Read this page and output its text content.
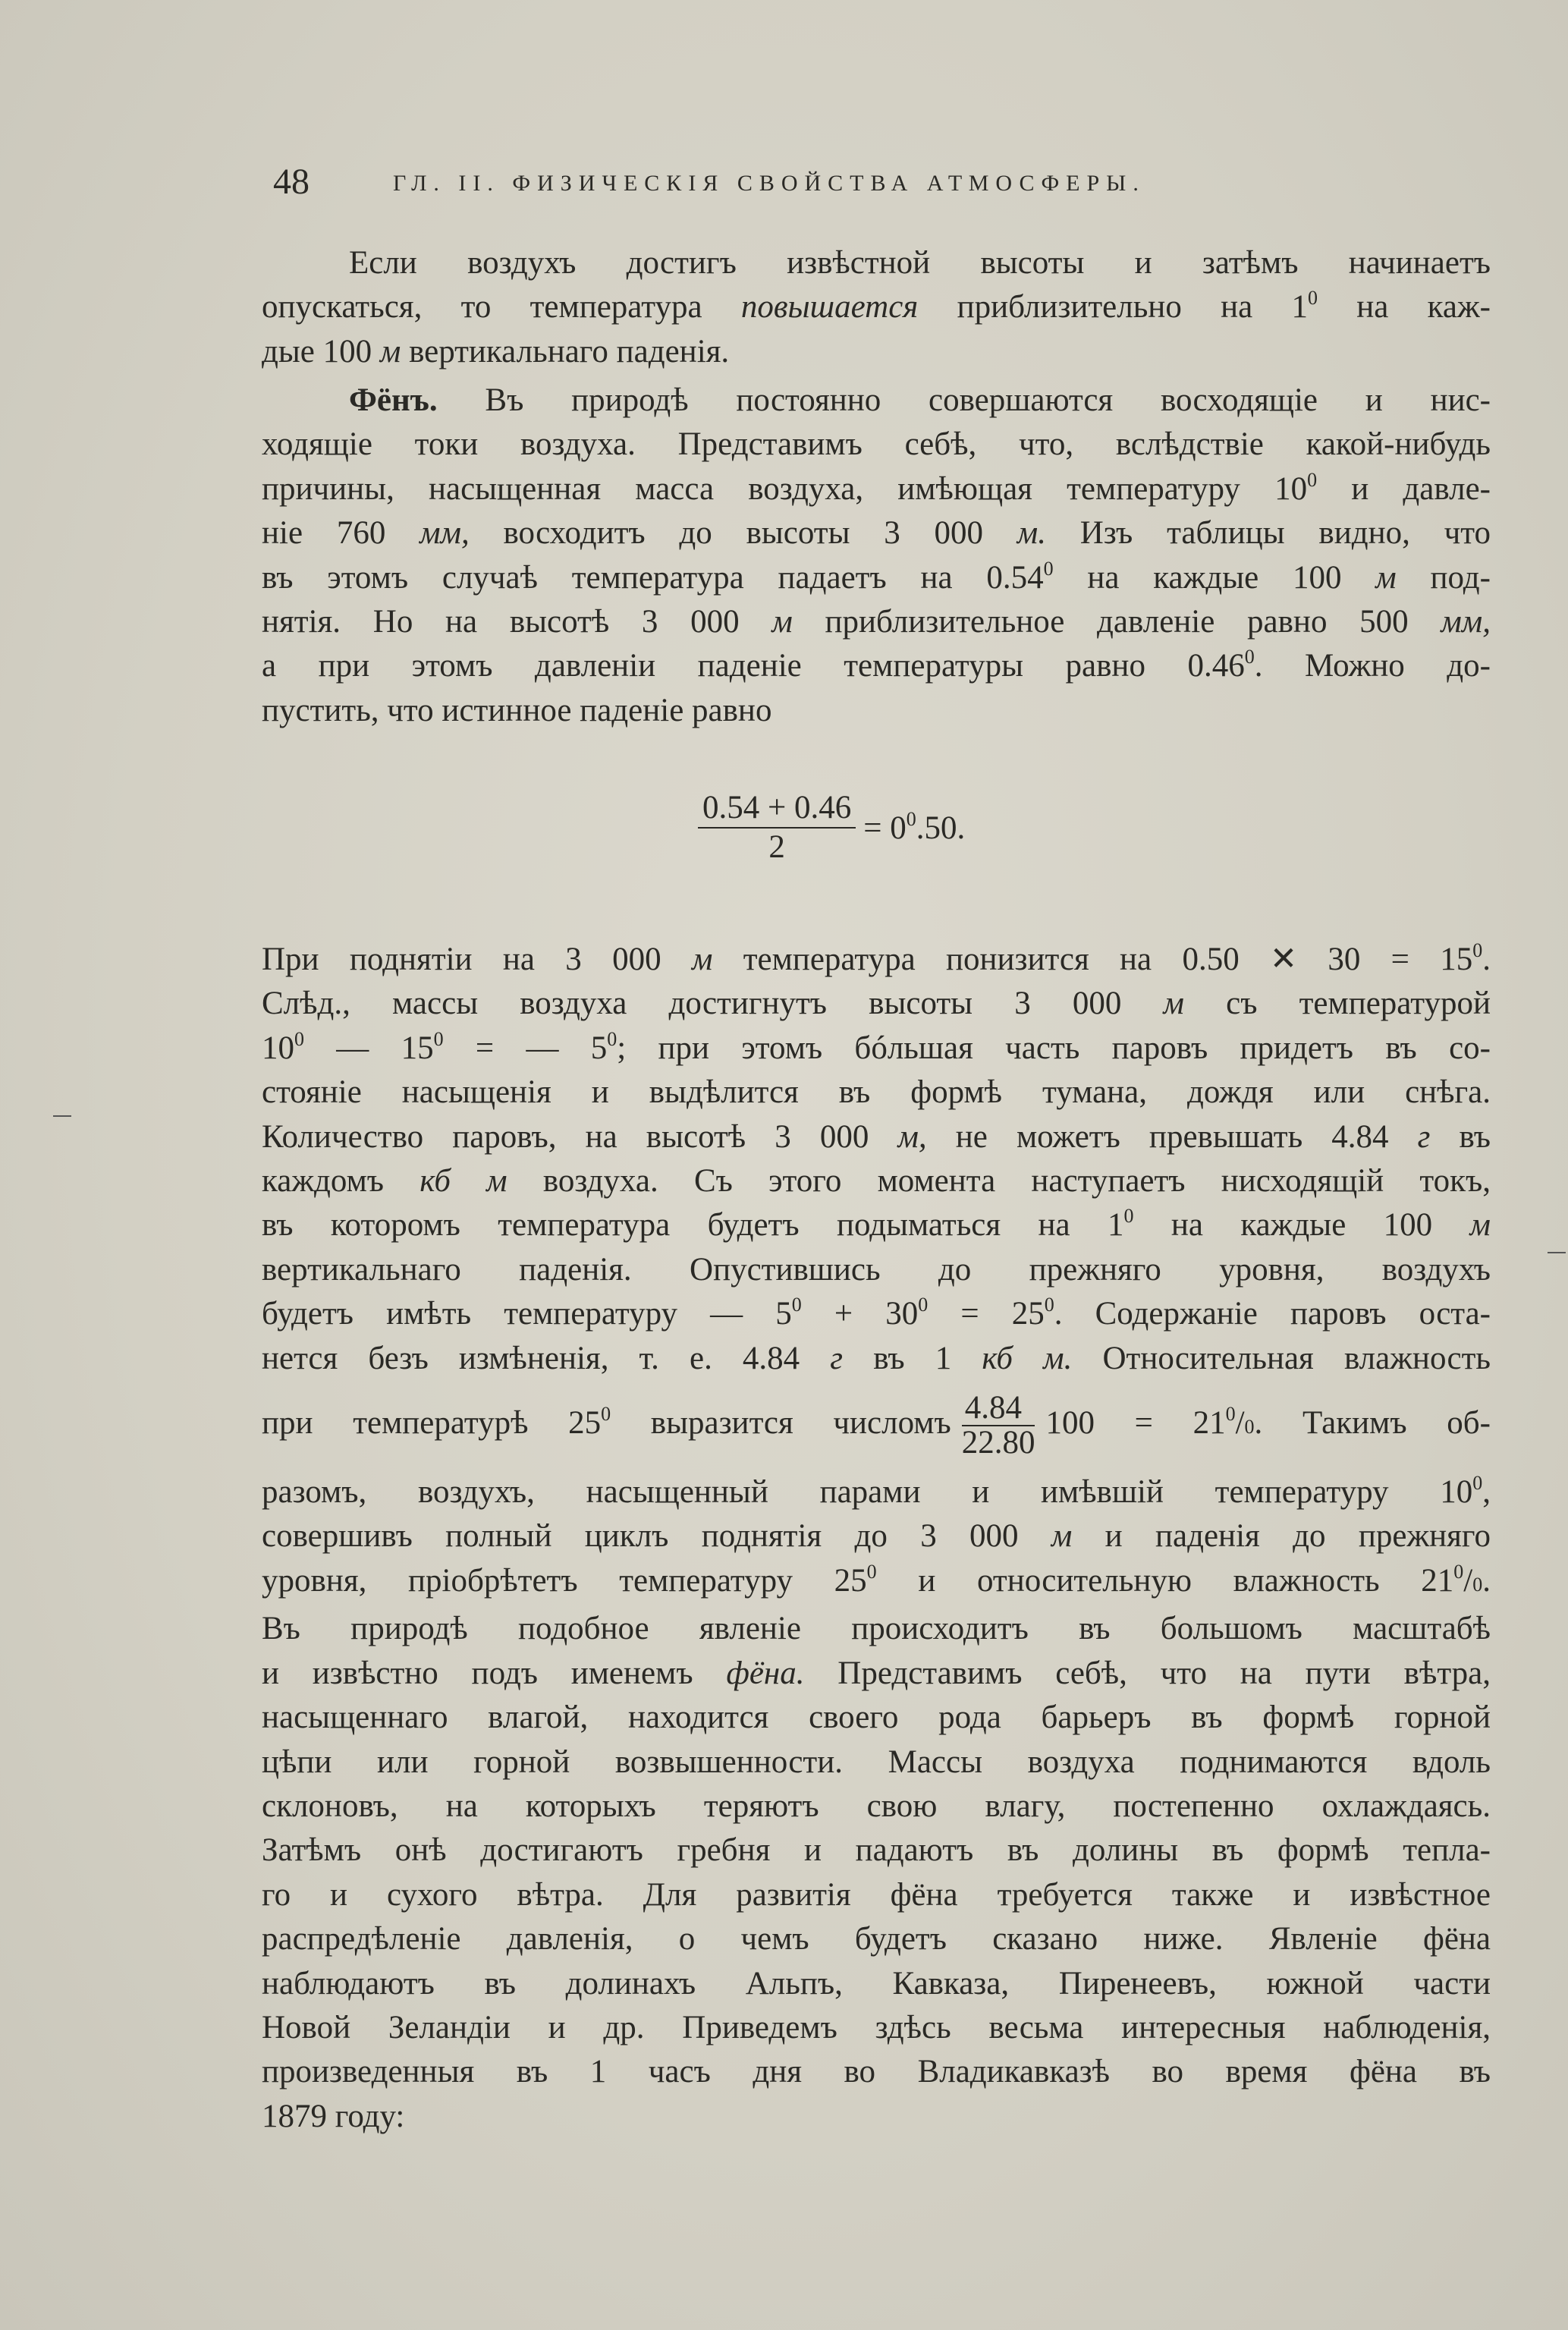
48	ГЛ. II. ФИЗИЧЕСКІЯ СВОЙСТВА АТМОСФЕРЫ.
Если воздухъ достигъ извѣстной высоты и затѣмъ начинаетъ
опускаться, то температура повышается приблизительно на $1^0$ на каж-
дые 100 м вертикальнаго паденія.
Фёнъ. Въ природѣ постоянно совершаются восходящіе и нис-
ходящіе токи воздуха. Представимъ себѣ, что, вслѣдствіе какой-нибудь
причины, насыщенная масса воздуха, имѣющая температуру $10^0$ и давле-
ніе 760 мм, восходитъ до высоты 3 000 м. Изъ таблицы видно, что
въ этомъ случаѣ температура падаетъ на 0.54$^0$ на каждые 100 м под-
нятія. Но на высотѣ 3 000 м приблизительное давленіе равно 500 мм,
а при этомъ давленіи паденіе температуры равно 0.46$^0$. Можно до-
пустить, что истинное паденіе равно
$\frac{0.54 + 0.46}{2} = 0^0.50$.
При поднятіи на 3 000 м температура понизится на 0.50 ✕ $30 = 15^0$.
Слѣд., массы воздуха достигнутъ высоты 3 000 м съ температурой
$10^0$ — $15^0$ = — $5^0$; при этомъ бóльшая часть паровъ придетъ въ со-
стояніе насыщенія и выдѣлится въ формѣ тумана, дождя или снѣга.
Количество паровъ, на высотѣ 3 000 м, не можетъ превышать 4.84 г въ
каждомъ кб м воздуха. Съ этого момента наступаетъ нисходящій токъ,
въ которомъ температура будетъ подыматься на $1^0$ на каждые 100 м
вертикальнаго паденія. Опустившись до прежняго уровня, воздухъ
будетъ имѣть температуру — $5^0 + 30^0 = 25^0$. Содержаніе паровъ оста-
нется безъ измѣненія, т. е. 4.84 г въ 1 кб м. Относительная влажность
при температурѣ $25^0$ выразится числомъ $\frac{4.84}{22.80} 100 = 21^0/0$. Такимъ об-
разомъ, воздухъ, насыщенный парами и имѣвшій температуру $10^0$,
совершивъ полный циклъ поднятія до 3 000 м и паденія до прежняго
уровня, пріобрѣтетъ температуру $25^0$ и относительную влажность $21^0/0$.
Въ природѣ подобное явленіе происходитъ въ большомъ масштабѣ
и извѣстно подъ именемъ фёна. Представимъ себѣ, что на пути вѣтра,
насыщеннаго влагой, находится своего рода барьеръ въ формѣ горной
цѣпи или горной возвышенности. Массы воздуха поднимаются вдоль
склоновъ, на которыхъ теряютъ свою влагу, постепенно охлаждаясь.
Затѣмъ онѣ достигаютъ гребня и падаютъ въ долины въ формѣ тепла-
го и сухого вѣтра. Для развитія фёна требуется также и извѣстное
распредѣленіе давленія, о чемъ будетъ сказано ниже. Явленіе фёна
наблюдаютъ въ долинахъ Альпъ, Кавказа, Пиренеевъ, южной части
Новой Зеландіи и др. Приведемъ здѣсь весьма интересныя наблюденія,
произведенныя въ 1 часъ дня во Владикавказѣ во время фёна въ
1879 году:
